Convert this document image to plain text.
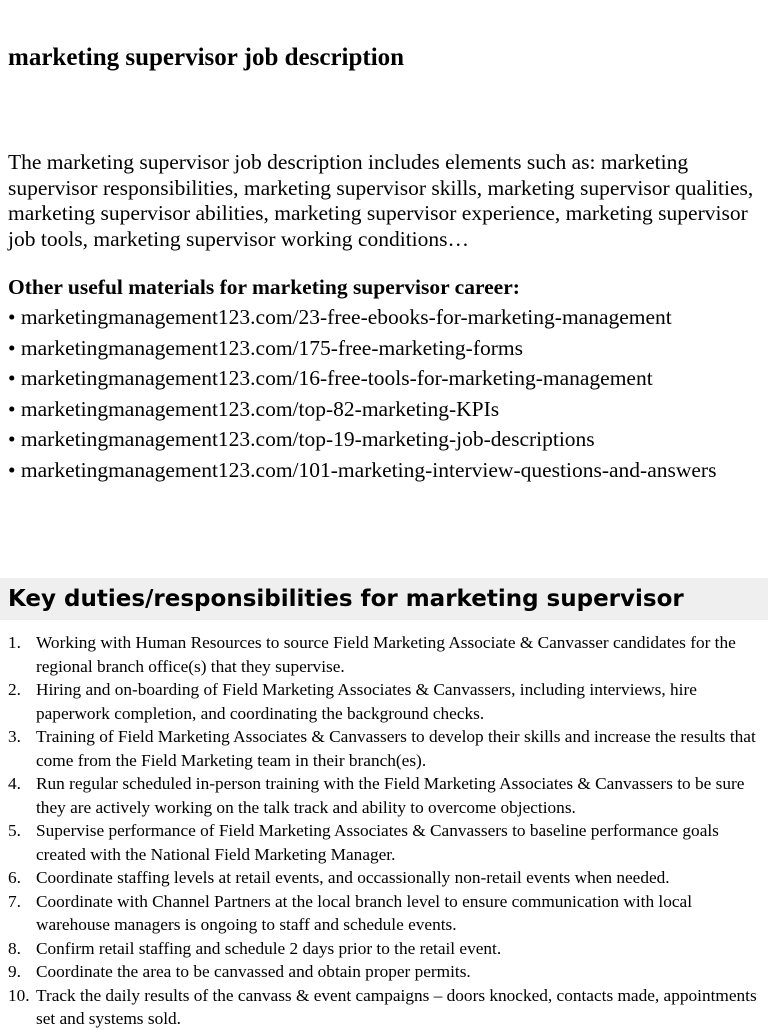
marketing supervisor job description

The marketing supervisor job description includes elements such as: marketing supervisor responsibilities, marketing supervisor skills, marketing supervisor qualities, marketing supervisor abilities, marketing supervisor experience, marketing supervisor job tools, marketing supervisor working conditions…

Other useful materials for marketing supervisor career:
• marketingmanagement123.com/23-free-ebooks-for-marketing-management
• marketingmanagement123.com/175-free-marketing-forms
• marketingmanagement123.com/16-free-tools-for-marketing-management
• marketingmanagement123.com/top-82-marketing-KPIs
• marketingmanagement123.com/top-19-marketing-job-descriptions
• marketingmanagement123.com/101-marketing-interview-questions-and-answers
Key duties/responsibilities for marketing supervisor
1. Working with Human Resources to source Field Marketing Associate & Canvasser candidates for the regional branch office(s) that they supervise.
2. Hiring and on-boarding of Field Marketing Associates & Canvassers, including interviews, hire paperwork completion, and coordinating the background checks.
3. Training of Field Marketing Associates & Canvassers to develop their skills and increase the results that come from the Field Marketing team in their branch(es).
4. Run regular scheduled in-person training with the Field Marketing Associates & Canvassers to be sure they are actively working on the talk track and ability to overcome objections.
5. Supervise performance of Field Marketing Associates & Canvassers to baseline performance goals created with the National Field Marketing Manager.
6. Coordinate staffing levels at retail events, and occassionally non-retail events when needed.
7. Coordinate with Channel Partners at the local branch level to ensure communication with local warehouse managers is ongoing to staff and schedule events.
8. Confirm retail staffing and schedule 2 days prior to the retail event.
9. Coordinate the area to be canvassed and obtain proper permits.
10. Track the daily results of the canvass & event campaigns – doors knocked, contacts made, appointments set and systems sold.
